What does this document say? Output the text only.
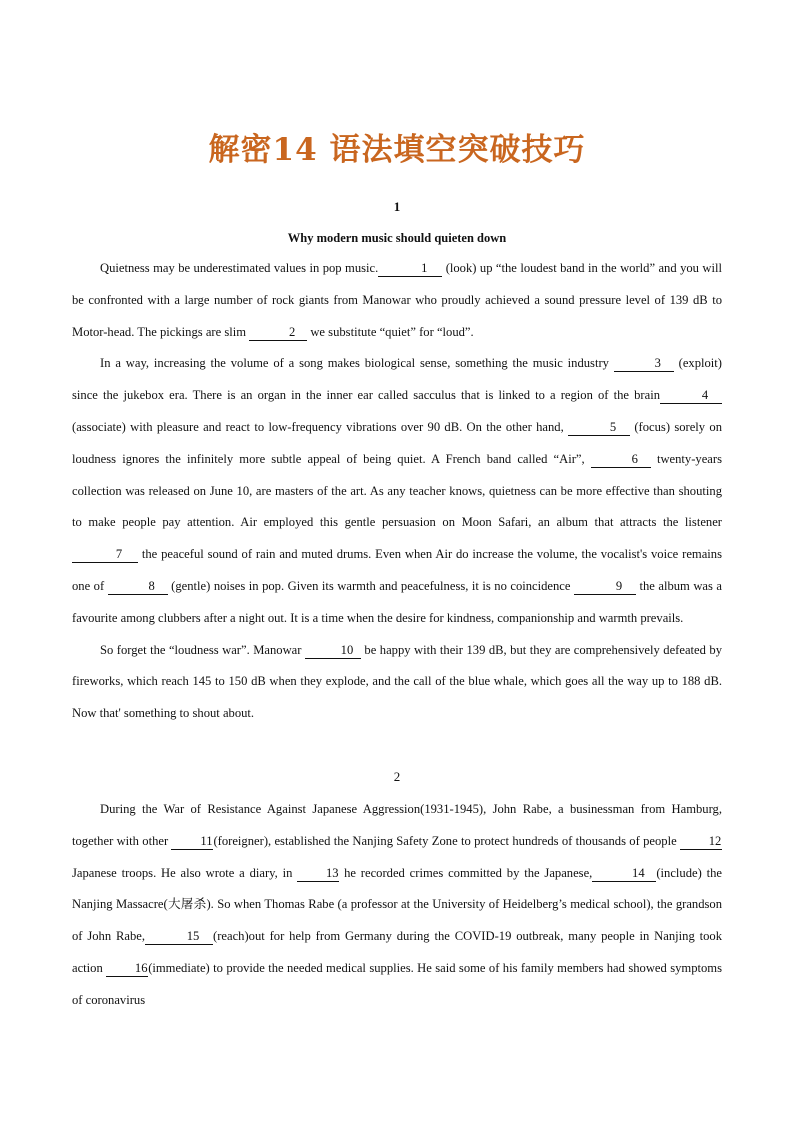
解密14 语法填空突破技巧
1
Why modern music should quieten down

Quietness may be underestimated values in pop music.	1 (look) up “the loudest band in the world” and you will be confronted with a large number of rock giants from Manowar who proudly achieved a sound pressure level of 139 dB to Motor-head. The pickings are slim	2 we substitute “quiet” for “loud”.

In a way, increasing the volume of a song makes biological sense, something the music industry	3 (exploit) since the jukebox era. There is an organ in the inner ear called sacculus that is linked to a region of the brain	4 (associate) with pleasure and react to low-frequency vibrations over 90 dB. On the other hand,	5 (focus) sorely on loudness ignores the infinitely more subtle appeal of being quiet. A French band called “Air”,	6 twenty-years collection was released on June 10, are masters of the art. As any teacher knows, quietness can be more effective than shouting to make people pay attention. Air employed this gentle persuasion on Moon Safari, an album that attracts the listener 7 the peaceful sound of rain and muted drums. Even when Air do increase the volume, the vocalist's voice remains one of	8 (gentle) noises in pop. Given its warmth and peacefulness, it is no coincidence	9 the album was a favourite among clubbers after a night out. It is a time when the desire for kindness, companionship and warmth prevails.

So forget the “loudness war”. Manowar	10 be happy with their 139 dB, but they are comprehensively defeated by fireworks, which reach 145 to 150 dB when they explode, and the call of the blue whale, which goes all the way up to 188 dB. Now that' something to shout about.

2

During the War of Resistance Against Japanese Aggression(1931-1945), John Rabe, a businessman from Hamburg, together with other 11(foreigner), established the Nanjing Safety Zone to protect hundreds of thousands of people 12 Japanese troops. He also wrote a diary, in 13 he recorded crimes committed by the Japanese,	14 (include) the Nanjing Massacre(大屠杀). So when Thomas Rabe (a professor at the University of Heidelberg’s medical school), the grandson of John Rabe,	15 (reach)out for help from Germany during the COVID-19 outbreak, many people in Nanjing took action 16(immediate) to provide the needed medical supplies. He said some of his family members had showed symptoms of coronavirus
